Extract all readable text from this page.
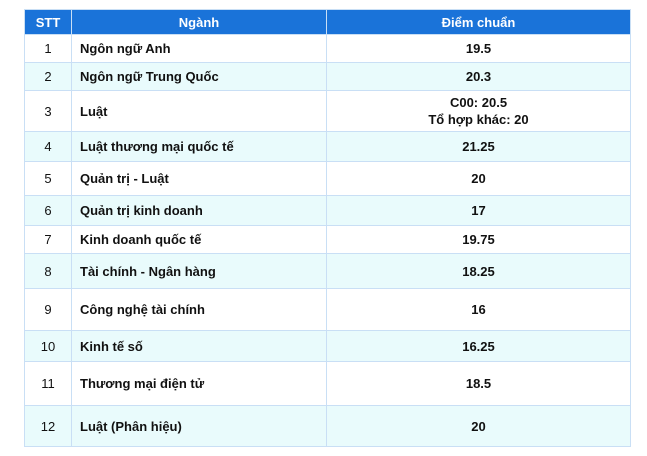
STT	Ngành	Điểm chuẩn
1	Ngôn ngữ Anh	19.5

2	Ngôn ngữ Trung Quốc	20.3

3	Luật	C00: 20.5
Tổ hợp khác: 20

4	Luật thương mại quốc tế	21.25

5	Quản trị - Luật	20

6	Quản trị kinh doanh	17

7	Kinh doanh quốc tế	19.75

8	Tài chính - Ngân hàng	18.25

9	Công nghệ tài chính	16

10	Kinh tế số	16.25

11	Thương mại điện tử	18.5

12	Luật (Phân hiệu)	20
